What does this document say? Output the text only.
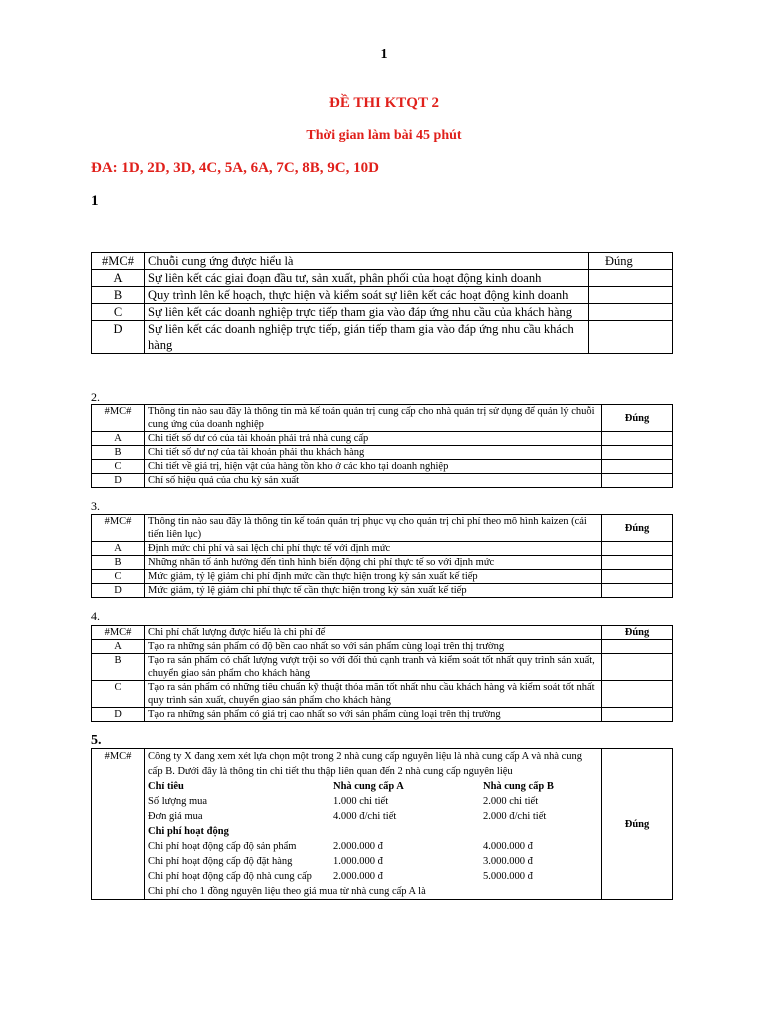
1
ĐỀ THI KTQT 2
Thời gian làm bài 45 phút
ĐA: 1D, 2D, 3D, 4C, 5A, 6A, 7C, 8B, 9C, 10D
1
#MC#	Chuỗi cung ứng được hiểu là	Đúng
A	Sự liên kết các giai đoạn đầu tư, sản xuất, phân phối của hoạt động kinh doanh	
B	Quy trình lên kế hoạch, thực hiện và kiểm soát sự liên kết các hoạt động kinh doanh	
C	Sự liên kết các doanh nghiệp trực tiếp tham gia vào đáp ứng nhu cầu của khách hàng	
D	Sự liên kết các doanh nghiệp trực tiếp, gián tiếp tham gia vào đáp ứng nhu cầu khách hàng	
2.
#MC#	Thông tin nào sau đây là thông tin mà kế toán quản trị cung cấp cho nhà quản trị sử dụng để quản lý chuỗi cung ứng của doanh nghiệp	Đúng
A	Chi tiết số dư có của tài khoản phải trả nhà cung cấp	
B	Chi tiết số dư nợ của tài khoản phải thu khách hàng	
C	Chi tiết về giá trị, hiện vật của hàng tồn kho ở các kho tại doanh nghiệp	
D	Chỉ số hiệu quả của chu kỳ sản xuất	
3.
#MC#	Thông tin nào sau đây là thông tin kế toán quản trị phục vụ cho quản trị chi phí theo mô hình kaizen (cải tiến liên lục)	Đúng
A	Định mức chi phí và sai lệch chi phí thực tế với định mức	
B	Những nhân tố ảnh hưởng đến tình hình biến động chi phí thực tế so với định mức	
C	Mức giảm, tỷ lệ giảm chi phí định mức cần thực hiện trong kỳ sản xuất kế tiếp	
D	Mức giảm, tỷ lệ giảm chi phí thực tế cần thực hiện trong kỳ sản xuất kế tiếp	
4.
#MC#	Chi phí chất lượng được hiểu là chi phí để	Đúng
A	Tạo ra những sản phẩm có độ bền cao nhất so với sản phẩm cùng loại trên thị trường	
B	Tạo ra sản phẩm có chất lượng vượt trội so với đối thủ cạnh tranh và kiểm soát tốt nhất quy trình sản xuất, chuyển giao sản phẩm cho khách hàng	
C	Tạo ra sản phẩm có những tiêu chuẩn kỹ thuật thỏa mãn tốt nhất nhu cầu khách hàng và kiểm soát tốt nhất quy trình sản xuất, chuyển giao sản phẩm cho khách hàng	
D	Tạo ra những sản phẩm có giá trị cao nhất so với sản phẩm cùng loại trên thị trường	
5.
#MC#	Công ty X đang xem xét lựa chọn một trong 2 nhà cung cấp nguyên liệu là nhà cung cấp A và nhà cung cấp B. Dưới đây là thông tin chi tiết thu thập liên quan đến 2 nhà cung cấp nguyên liệu
Chỉ tiêu	Nhà cung cấp A	Nhà cung cấp B
Số lượng mua	1.000 chi tiết	2.000 chi tiết
Đơn giá mua	4.000 đ/chi tiết	2.000 đ/chi tiết
Chi phí hoạt động
Chi phí hoạt động cấp độ sản phẩm	2.000.000 đ	4.000.000 đ
Chi phí hoạt động cấp độ đặt hàng	1.000.000 đ	3.000.000 đ
Chi phí hoạt động cấp độ nhà cung cấp	2.000.000 đ	5.000.000 đ
Chi phí cho 1 đồng nguyên liệu theo giá mua từ nhà cung cấp A là
	Đúng
